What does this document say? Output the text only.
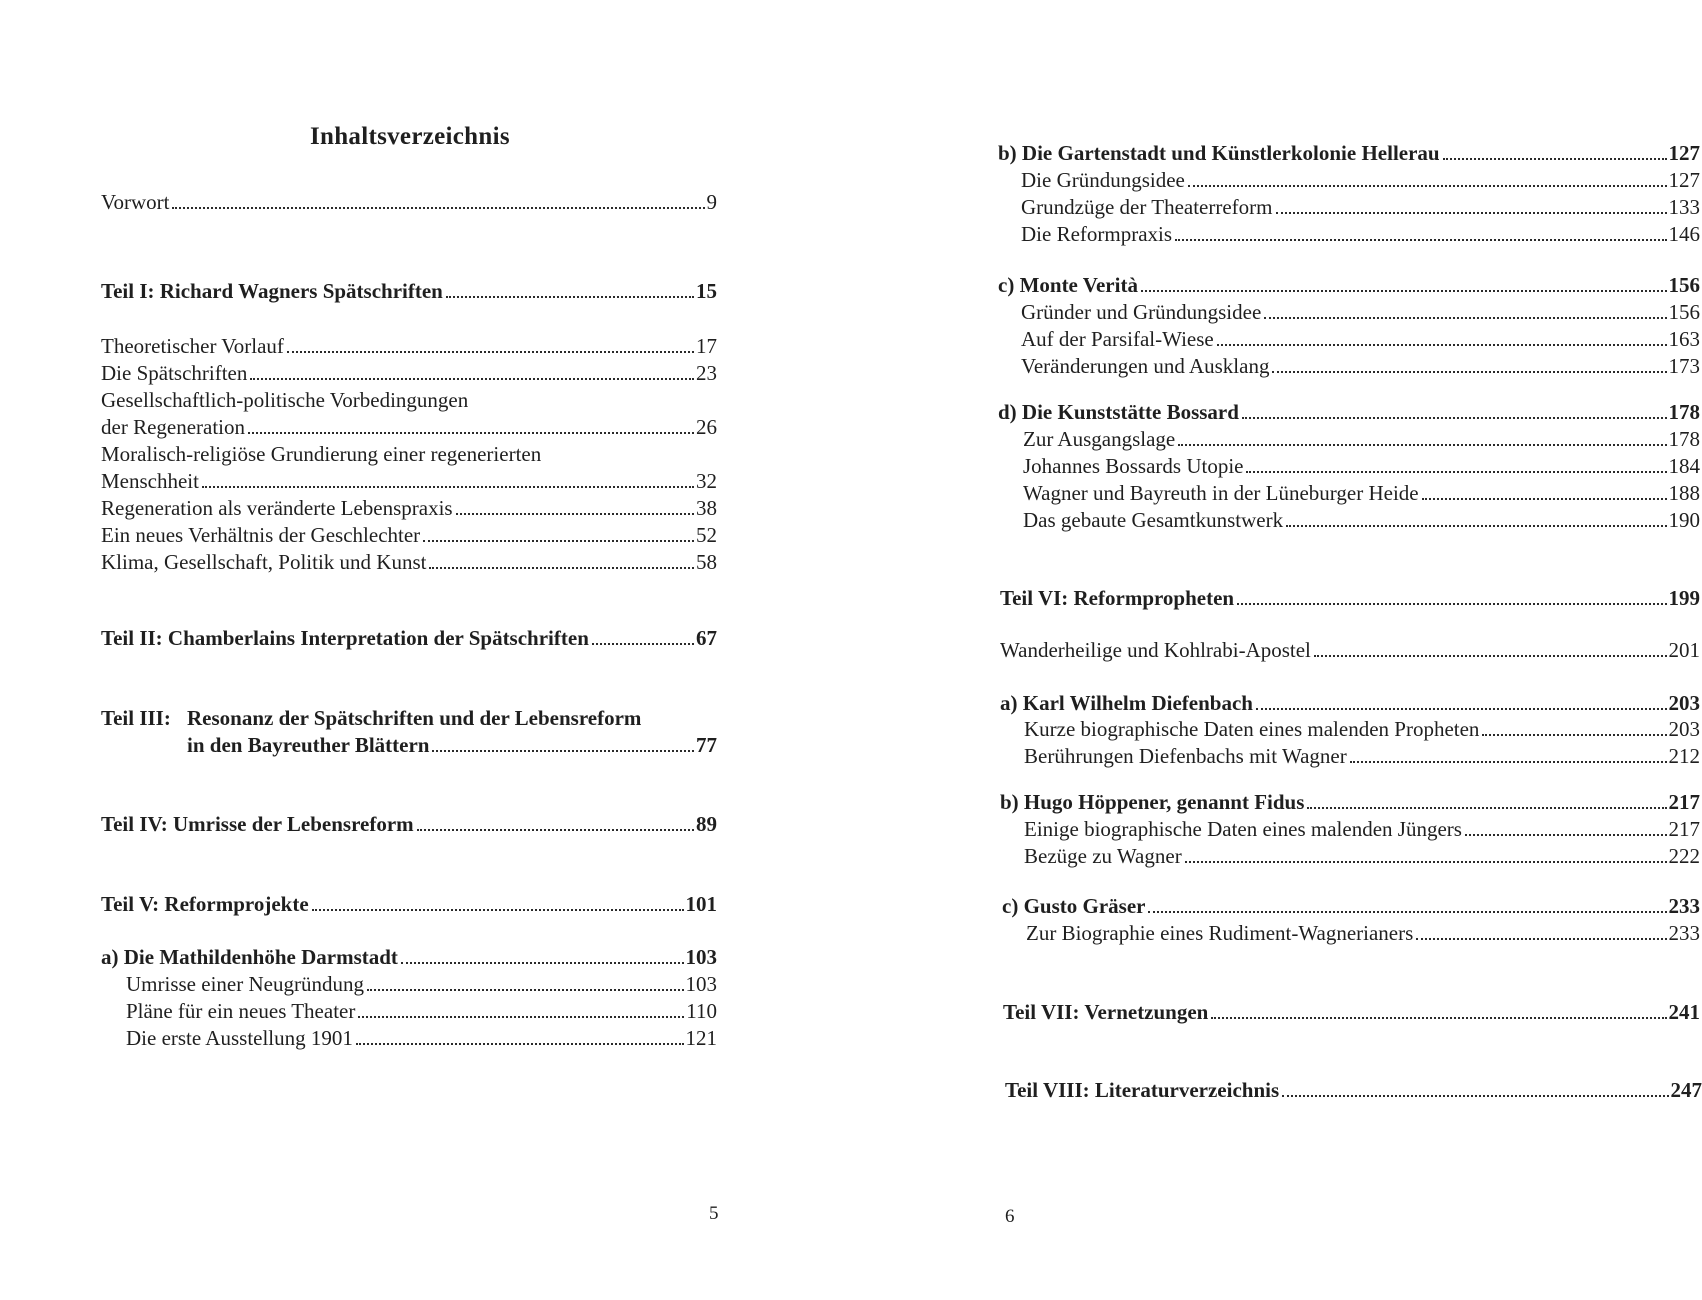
Inhaltsverzeichnis
Vorwort	9
Teil I: Richard Wagners Spätschriften	15
Theoretischer Vorlauf	17
Die Spätschriften	23
Gesellschaftlich-politische Vorbedingungen
der Regeneration	26
Moralisch-religiöse Grundierung einer regenerierten
Menschheit	32
Regeneration als veränderte Lebenspraxis	38
Ein neues Verhältnis der Geschlechter	52
Klima, Gesellschaft, Politik und Kunst	58
Teil II: Chamberlains Interpretation der Spätschriften	67
Teil III: Resonanz der Spätschriften und der Lebensreform
in den Bayreuther Blättern	77
Teil IV: Umrisse der Lebensreform	89
Teil V: Reformprojekte	101
a) Die Mathildenhöhe Darmstadt	103
Umrisse einer Neugründung	103
Pläne für ein neues Theater	110
Die erste Ausstellung 1901	121
5
b) Die Gartenstadt und Künstlerkolonie Hellerau	127
Die Gründungsidee	127
Grundzüge der Theaterreform	133
Die Reformpraxis	146
c) Monte Verità	156
Gründer und Gründungsidee	156
Auf der Parsifal-Wiese	163
Veränderungen und Ausklang	173
d) Die Kunststätte Bossard	178
Zur Ausgangslage	178
Johannes Bossards Utopie	184
Wagner und Bayreuth in der Lüneburger Heide	188
Das gebaute Gesamtkunstwerk	190
Teil VI: Reformpropheten	199
Wanderheilige und Kohlrabi-Apostel	201
a) Karl Wilhelm Diefenbach	203
Kurze biographische Daten eines malenden Propheten	203
Berührungen Diefenbachs mit Wagner	212
b) Hugo Höppener, genannt Fidus	217
Einige biographische Daten eines malenden Jüngers	217
Bezüge zu Wagner	222
c) Gusto Gräser	233
Zur Biographie eines Rudiment-Wagnerianers	233
Teil VII: Vernetzungen	241
Teil VIII: Literaturverzeichnis	247
6
